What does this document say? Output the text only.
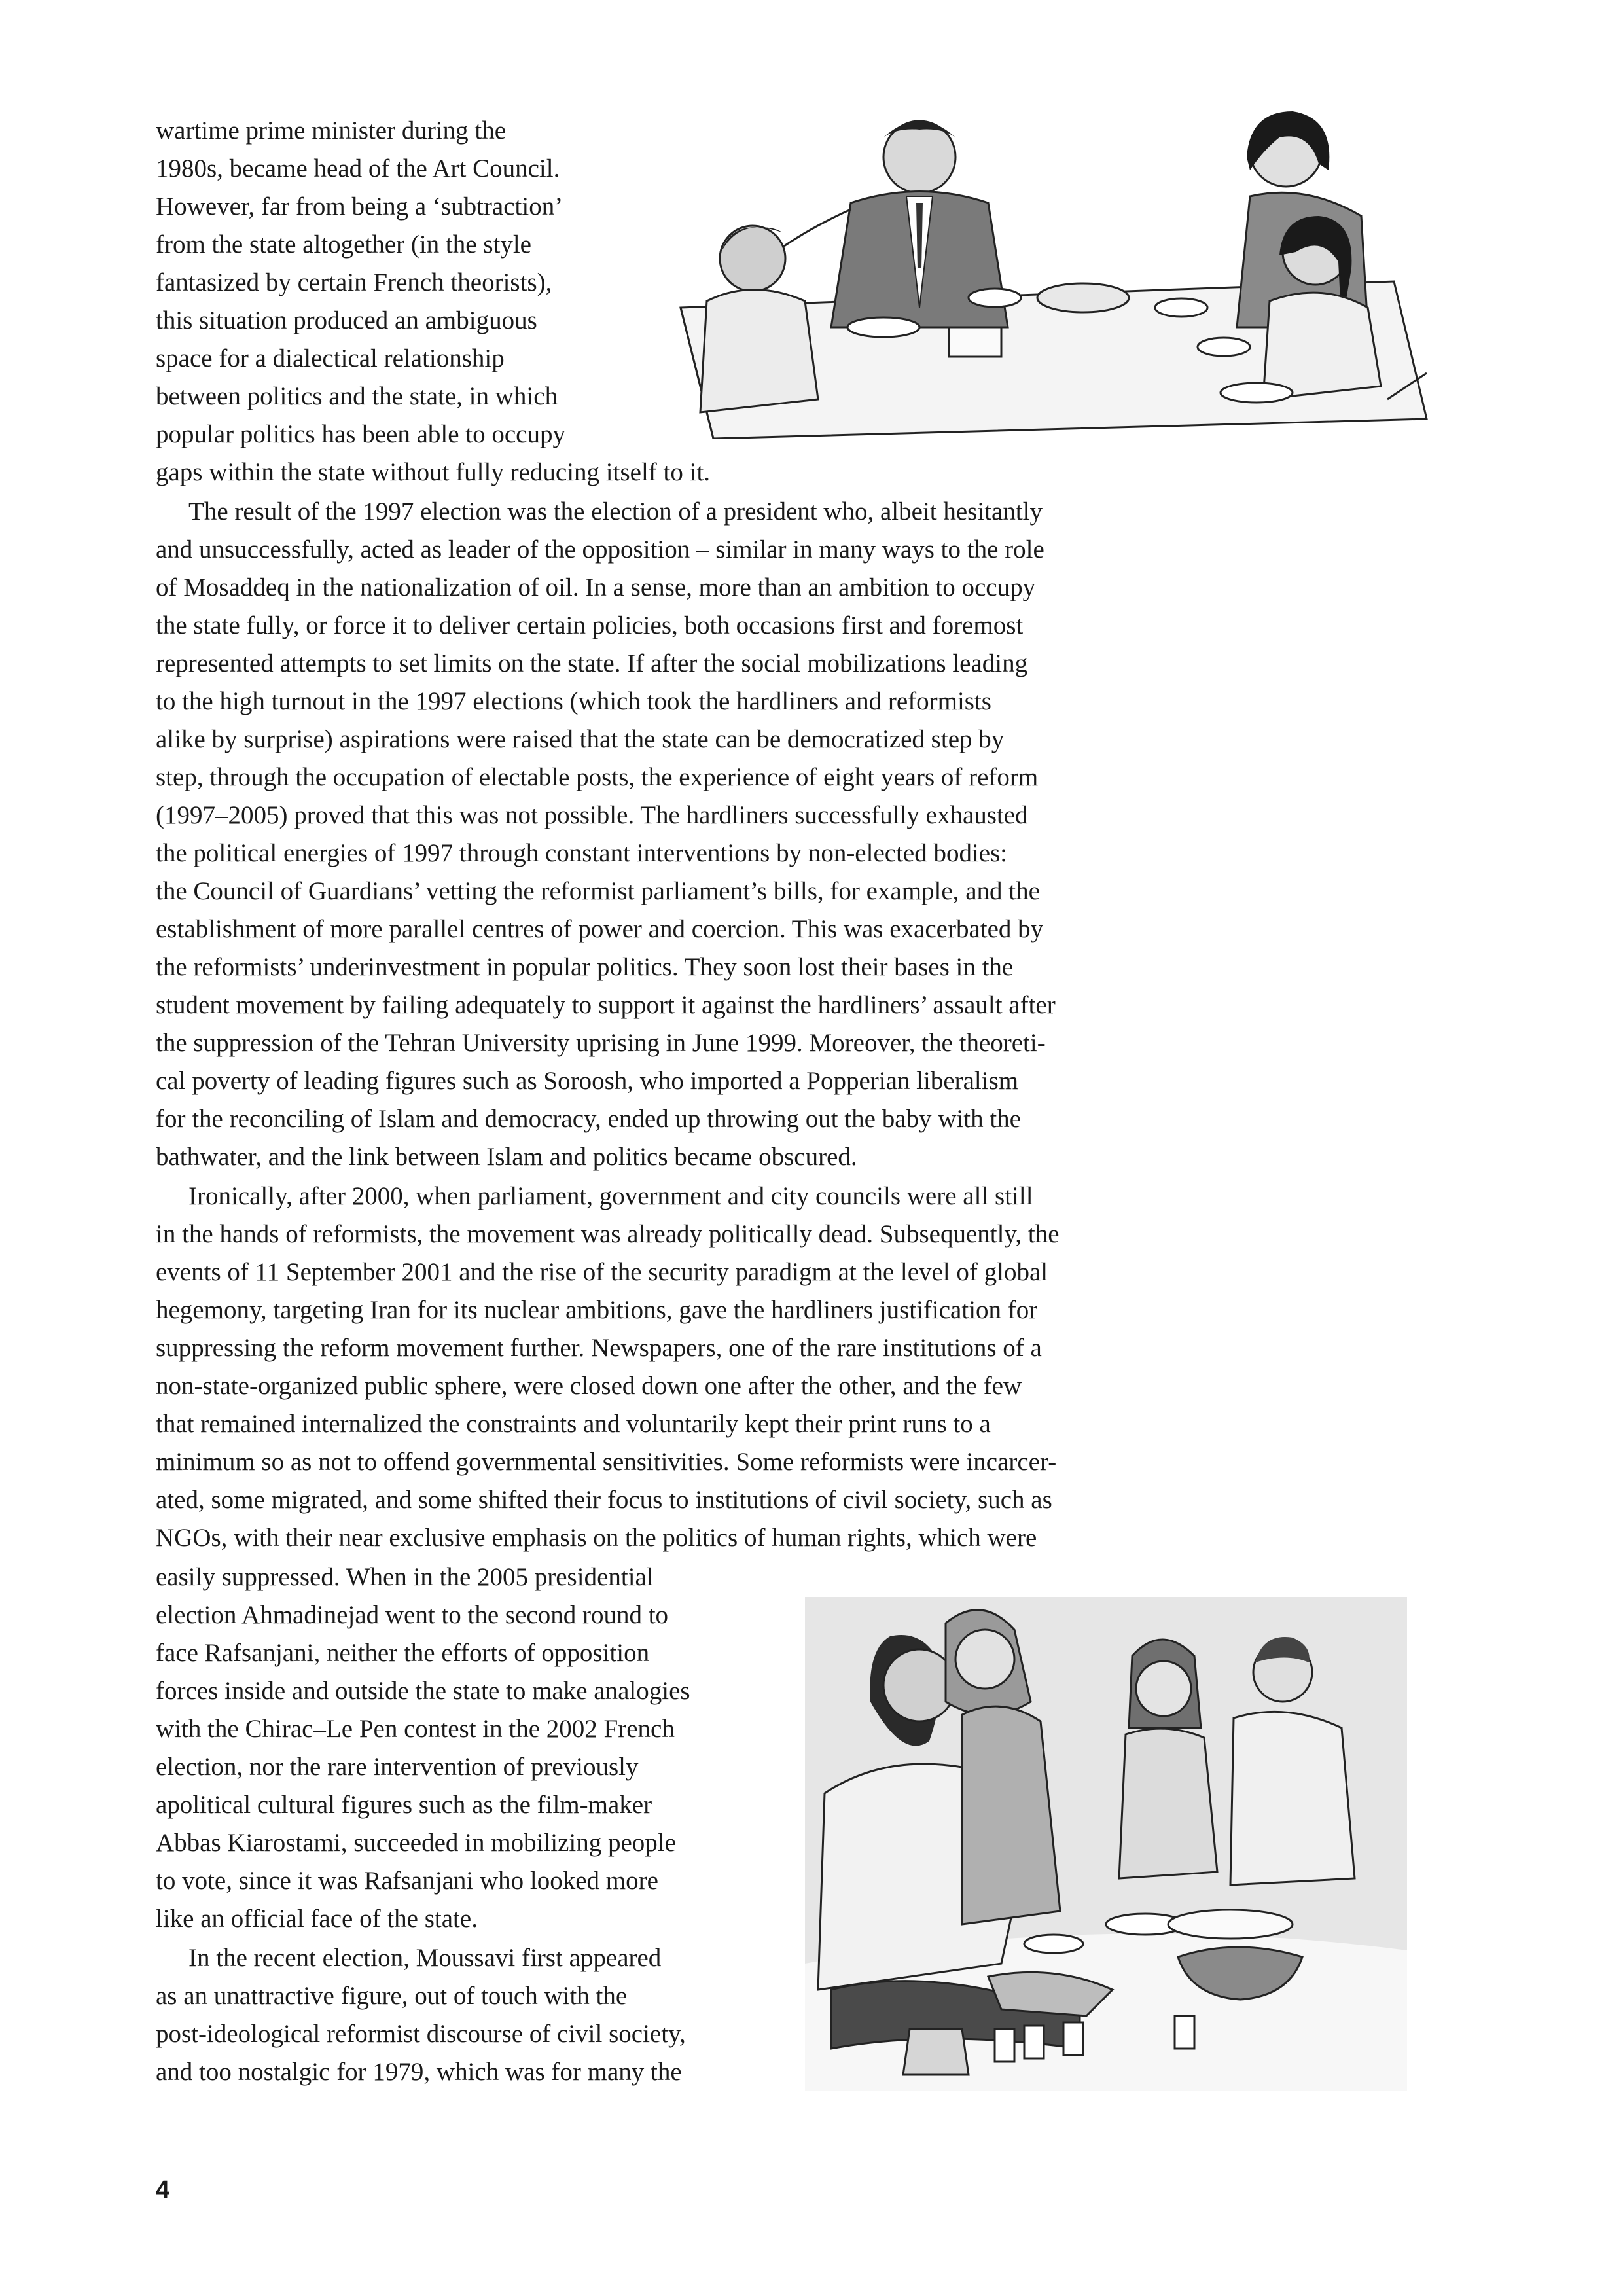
wartime prime minister during the
1980s, became head of the Art Council.
However, far from being a ‘subtraction’
from the state altogether (in the style
fantasized by certain French theorists),
this situation produced an ambiguous
space for a dialectical relationship
between politics and the state, in which
popular politics has been able to occupy
gaps within the state without fully reducing itself to it.
The result of the 1997 election was the election of a president who, albeit hesitantly
and unsuccessfully, acted as leader of the opposition – similar in many ways to the role
of Mosaddeq in the nationalization of oil. In a sense, more than an ambition to occupy
the state fully, or force it to deliver certain policies, both occasions first and foremost
represented attempts to set limits on the state. If after the social mobilizations leading
to the high turnout in the 1997 elections (which took the hardliners and reformists
alike by surprise) aspirations were raised that the state can be democratized step by
step, through the occupation of electable posts, the experience of eight years of reform
(1997–2005) proved that this was not possible. The hardliners successfully exhausted
the political energies of 1997 through constant interventions by non-elected bodies:
the Council of Guardians’ vetting the reformist parliament’s bills, for example, and the
establishment of more parallel centres of power and coercion. This was exacerbated by
the reformists’ underinvestment in popular politics. They soon lost their bases in the
student movement by failing adequately to support it against the hardliners’ assault after
the suppression of the Tehran University uprising in June 1999. Moreover, the theoreti-
cal poverty of leading figures such as Soroosh, who imported a Popperian liberalism
for the reconciling of Islam and democracy, ended up throwing out the baby with the
bathwater, and the link between Islam and politics became obscured.
Ironically, after 2000, when parliament, government and city councils were all still
in the hands of reformists, the movement was already politically dead. Subsequently, the
events of 11 September 2001 and the rise of the security paradigm at the level of global
hegemony, targeting Iran for its nuclear ambitions, gave the hardliners justification for
suppressing the reform movement further. Newspapers, one of the rare institutions of a
non-state-organized public sphere, were closed down one after the other, and the few
that remained internalized the constraints and voluntarily kept their print runs to a
minimum so as not to offend governmental sensitivities. Some reformists were incarcer-
ated, some migrated, and some shifted their focus to institutions of civil society, such as
NGOs, with their near exclusive emphasis on the politics of human rights, which were
easily suppressed. When in the 2005 presidential
election Ahmadinejad went to the second round to
face Rafsanjani, neither the efforts of opposition
forces inside and outside the state to make analogies
with the Chirac–Le Pen contest in the 2002 French
election, nor the rare intervention of previously
apolitical cultural figures such as the film-maker
Abbas Kiarostami, succeeded in mobilizing people
to vote, since it was Rafsanjani who looked more
like an official face of the state.
In the recent election, Moussavi first appeared
as an unattractive figure, out of touch with the
post-ideological reformist discourse of civil society,
and too nostalgic for 1979, which was for many the
4
